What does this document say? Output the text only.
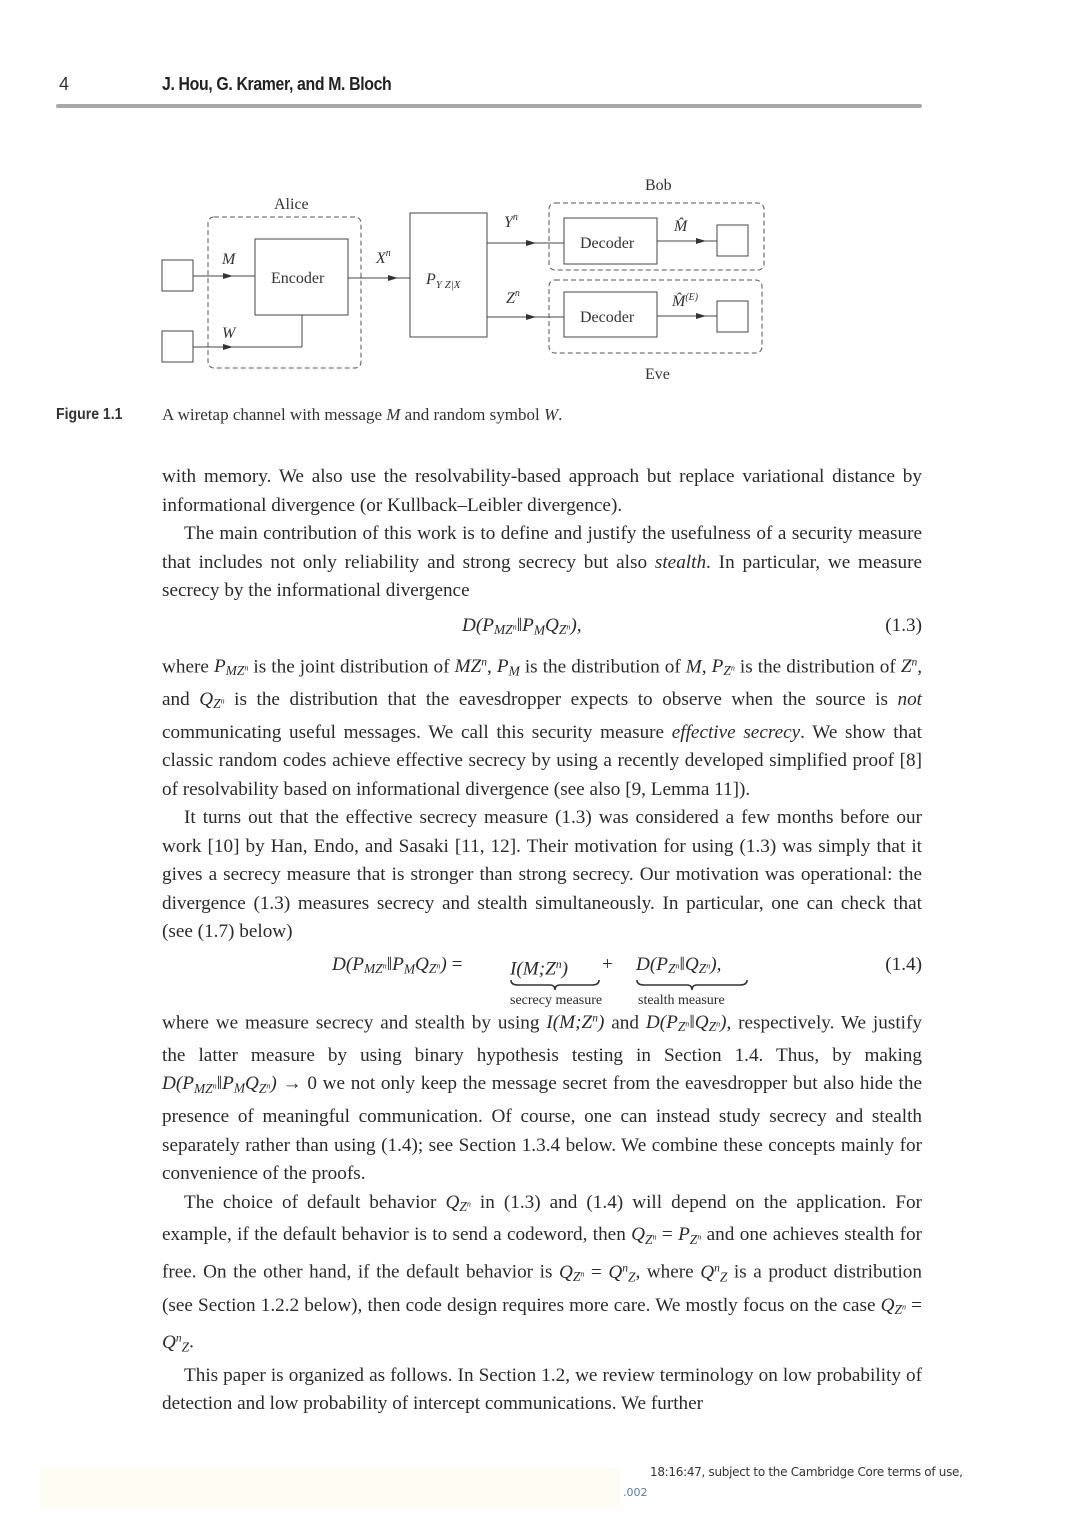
4	J. Hou, G. Kramer, and M. Bloch
Alice
Encoder
M
W
$X^n$
$P_{Y Z|X}$
$Y^n$
$Z^n$
Bob
Decoder
M̂
Eve
Decoder
M̂$^{(E)}$
Figure 1.1 A wiretap channel with message M and random symbol W.

with memory. We also use the resolvability-based approach but replace variational distance by informational divergence (or Kullback–Leibler divergence).

The main contribution of this work is to define and justify the usefulness of a security measure that includes not only reliability and strong secrecy but also stealth. In particular, we measure secrecy by the informational divergence

$D(P_{MZ^n}‖P_MQ_{Z^n})$,	(1.3)

where $P_{MZ^n}$ is the joint distribution of $MZ^n$, $P_M$ is the distribution of M, $P_{Z^n}$ is the distribution of $Z^n$, and $Q_{Z^n}$ is the distribution that the eavesdropper expects to observe when the source is not communicating useful messages. We call this security measure effective secrecy. We show that classic random codes achieve effective secrecy by using a recently developed simplified proof [8] of resolvability based on informational divergence (see also [9, Lemma 11]).

It turns out that the effective secrecy measure (1.3) was considered a few months before our work [10] by Han, Endo, and Sasaki [11, 12]. Their motivation for using (1.3) was simply that it gives a secrecy measure that is stronger than strong secrecy. Our motivation was operational: the divergence (1.3) measures secrecy and stealth simultaneously. In particular, one can check that (see (1.7) below)

$D(P_{MZ^n}‖P_MQ_{Z^n})$ = $I(M;Z^n)$ + $D(P_{Z^n}‖Q_{Z^n})$,
secrecy measure	stealth measure
(1.4)

where we measure secrecy and stealth by using $I(M;Z^n)$ and $D(P_{Z^n}‖Q_{Z^n})$, respectively. We justify the latter measure by using binary hypothesis testing in Section 1.4. Thus, by making $D(P_{MZ^n}‖P_MQ_{Z^n}) \to 0$ we not only keep the message secret from the eavesdropper but also hide the presence of meaningful communication. Of course, one can instead study secrecy and stealth separately rather than using (1.4); see Section 1.3.4 below. We combine these concepts mainly for convenience of the proofs.

The choice of default behavior $Q_{Z^n}$ in (1.3) and (1.4) will depend on the application. For example, if the default behavior is to send a codeword, then $Q_{Z^n} = P_{Z^n}$ and one achieves stealth for free. On the other hand, if the default behavior is $Q_{Z^n} = Q^n_Z$, where $Q^n_Z$ is a product distribution (see Section 1.2.2 below), then code design requires more care. We mostly focus on the case $Q_{Z^n} = Q^n_Z$.

This paper is organized as follows. In Section 1.2, we review terminology on low probability of detection and low probability of intercept communications. We further

18:16:47, subject to the Cambridge Core terms of use,
.002
